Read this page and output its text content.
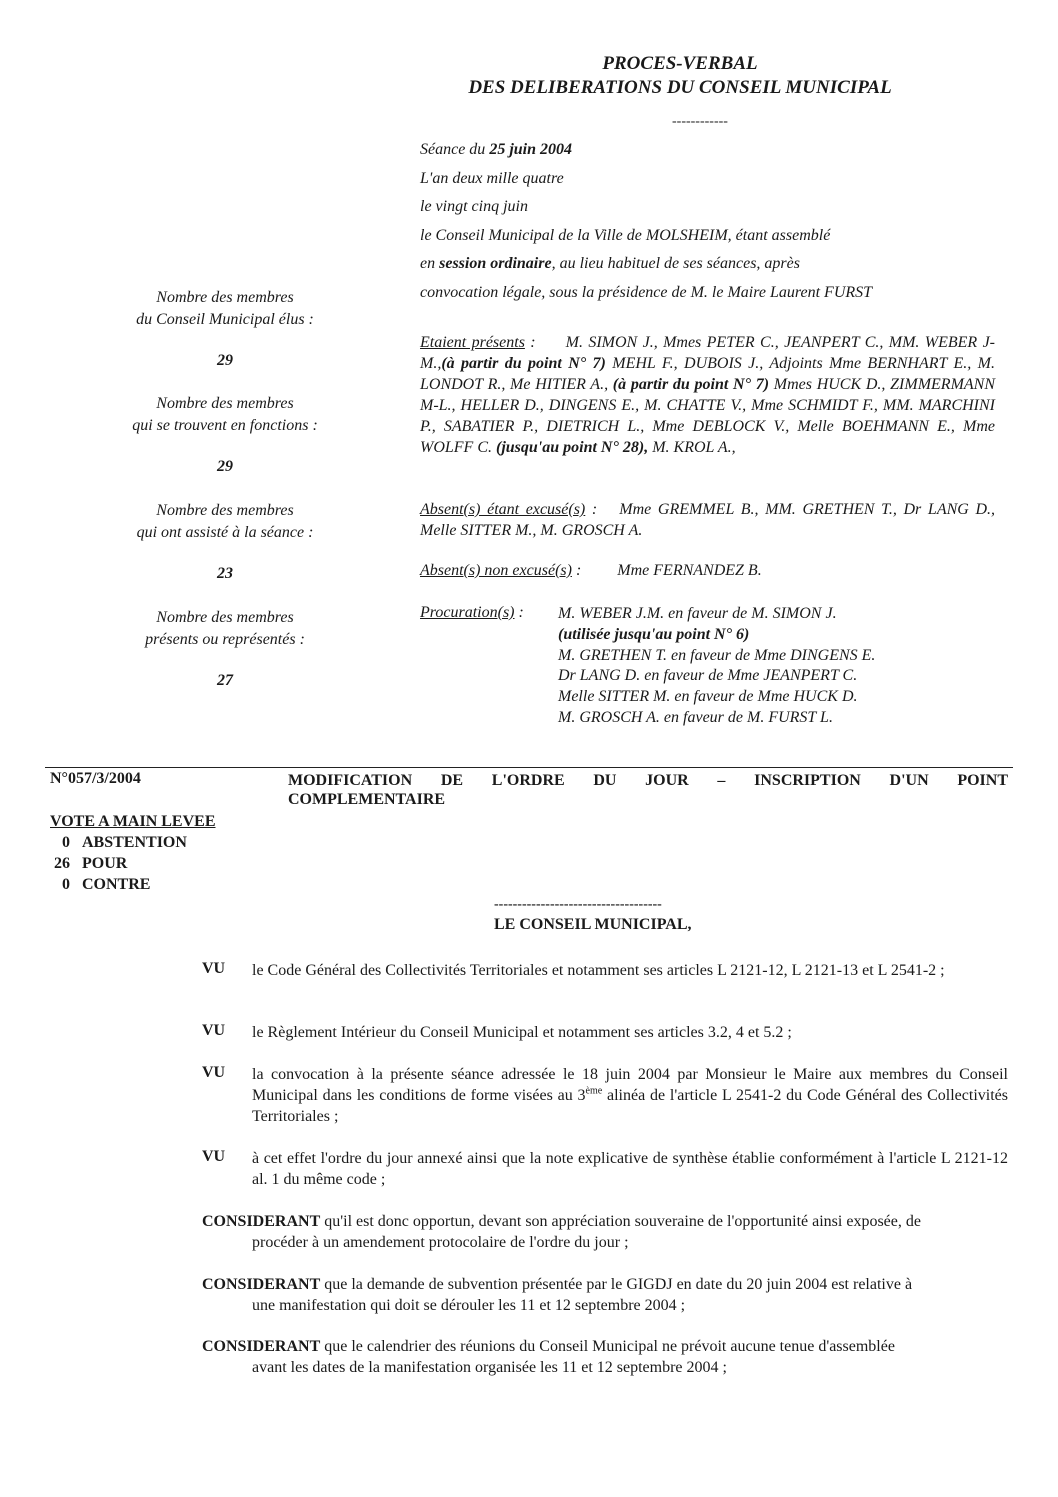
PROCES-VERBAL
DES DELIBERATIONS DU CONSEIL MUNICIPAL
------------
Séance du 25 juin 2004
L'an deux mille quatre
le vingt cinq juin
le Conseil Municipal de la Ville de MOLSHEIM, étant assemblé
en session ordinaire, au lieu habituel de ses séances, après
convocation légale, sous la présidence de M. le Maire Laurent FURST
Nombre des membres
du Conseil Municipal élus :
29
Nombre des membres
qui se trouvent en fonctions :
29
Nombre des membres
qui ont assisté à la séance :
23
Nombre des membres
présents ou représentés :
27
Etaient présents : M. SIMON J., Mmes PETER C., JEANPERT C., MM. WEBER J-M.,(à partir du point N° 7) MEHL F., DUBOIS J., Adjoints Mme BERNHART E., M. LONDOT R., Me HITIER A., (à partir du point N° 7) Mmes HUCK D., ZIMMERMANN M-L., HELLER D., DINGENS E., M. CHATTE V., Mme SCHMIDT F., MM. MARCHINI P., SABATIER P., DIETRICH L., Mme DEBLOCK V., Melle BOEHMANN E., Mme WOLFF C. (jusqu'au point N° 28), M. KROL A.,
Absent(s) étant excusé(s) : Mme GREMMEL B., MM. GRETHEN T., Dr LANG D., Melle SITTER M., M. GROSCH A.
Absent(s) non excusé(s) : Mme FERNANDEZ B.
Procuration(s) : M. WEBER J.M. en faveur de M. SIMON J.
(utilisée jusqu'au point N° 6)
M. GRETHEN T. en faveur de Mme DINGENS E.
Dr LANG D. en faveur de Mme JEANPERT C.
Melle SITTER M. en faveur de Mme HUCK D.
M. GROSCH A. en faveur de M. FURST L.
N°057/3/2004	MODIFICATION DE L'ORDRE DU JOUR – INSCRIPTION D'UN POINT
COMPLEMENTAIRE
VOTE A MAIN LEVEE
0 ABSTENTION
26 POUR
0 CONTRE
------------------------------------
LE CONSEIL MUNICIPAL,
VU le Code Général des Collectivités Territoriales et notamment ses articles L 2121-12, L 2121-13 et L 2541-2 ;
VU le Règlement Intérieur du Conseil Municipal et notamment ses articles 3.2, 4 et 5.2 ;
VU la convocation à la présente séance adressée le 18 juin 2004 par Monsieur le Maire aux membres du Conseil Municipal dans les conditions de forme visées au 3ème alinéa de l'article L 2541-2 du Code Général des Collectivités Territoriales ;
VU à cet effet l'ordre du jour annexé ainsi que la note explicative de synthèse établie conformément à l'article L 2121-12 al. 1 du même code ;
CONSIDERANT qu'il est donc opportun, devant son appréciation souveraine de l'opportunité ainsi exposée, de
procéder à un amendement protocolaire de l'ordre du jour ;
CONSIDERANT que la demande de subvention présentée par le GIGDJ en date du 20 juin 2004 est relative à
une manifestation qui doit se dérouler les 11 et 12 septembre 2004 ;
CONSIDERANT que le calendrier des réunions du Conseil Municipal ne prévoit aucune tenue d'assemblée
avant les dates de la manifestation organisée les 11 et 12 septembre 2004 ;
